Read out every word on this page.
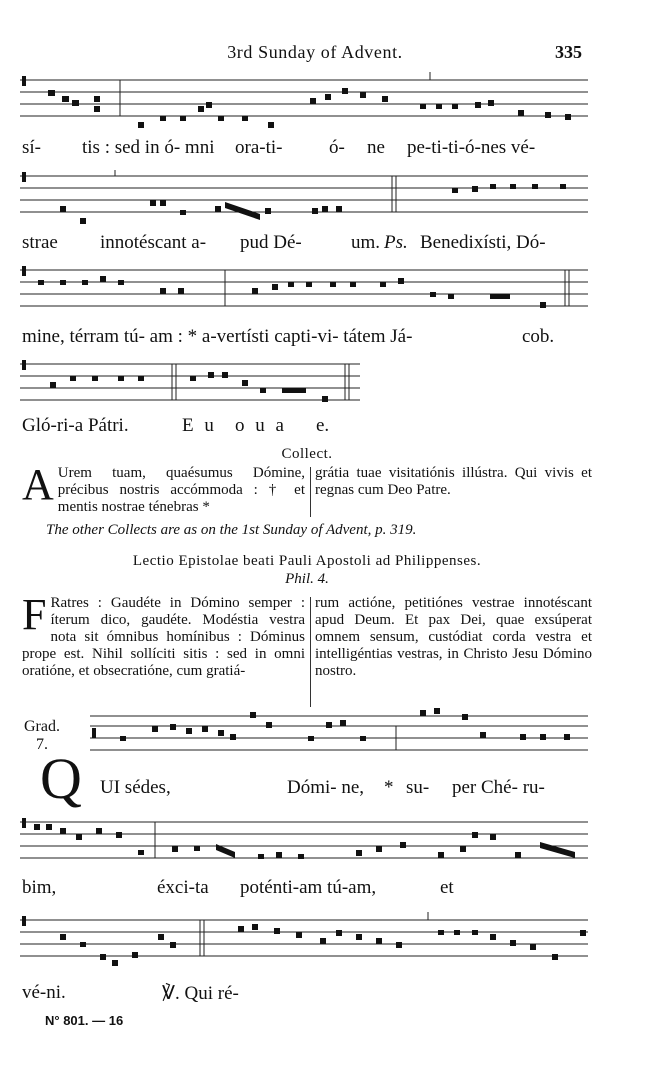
3rd Sunday of Advent.	335
sí- tis : sed in ó- mni ora-ti- ó- ne pe-ti-ti-ó-nes vé-
strae innotéscant a- pud Dé-	um. Ps. Benedixísti, Dó-
mine, térram tú- am : * a-vertísti capti-vi- tátem Já-	cob.
Gló-ri-a Pátri.	E u o u a e.
Collect.
A Urem tuam, quaésumus Dómine, précibus nostris accómmoda : † et mentis nostrae ténebras *
grátia tuae visitatiónis illústra. Qui vivis et regnas cum Deo Patre.
The other Collects are as on the 1st Sunday of Advent, p. 319.
Lectio Epistolae beati Pauli Apostoli ad Philippenses.
Phil. 4.
F Ratres : Gaudéte in Dómino semper : íterum dico, gaudéte. Modéstia vestra nota sit ómnibus homínibus : Dóminus prope est. Nihil sollíciti sitis : sed in omni oratióne, et obsecratióne, cum gratiá-
rum actióne, petitiónes vestrae innotéscant apud Deum. Et pax Dei, quae exsúperat omnem sensum, custódiat corda vestra et intelligéntias vestras, in Christo Jesu Dómino nostro.
Grad.
7.
Q UI sédes,	Dómi- ne, * su- per Ché- ru-
bim,	éxci-ta poténti-am tú-am,	et
vé-ni.	℣. Qui ré-
N° 801. — 16
